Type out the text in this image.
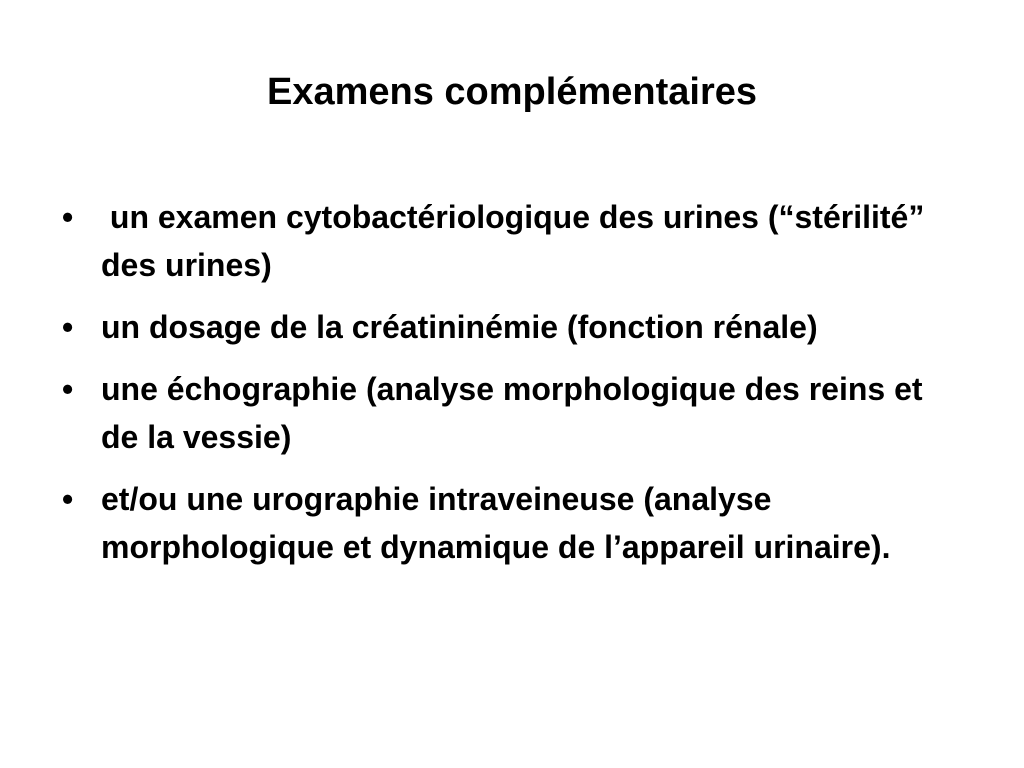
Examens complémentaires
• un examen cytobactériologique des urines (“stérilité” des urines)
• un dosage de la créatininémie (fonction rénale)
• une échographie (analyse morphologique des reins et de la vessie)
• et/ou une urographie intraveineuse (analyse morphologique et dynamique de l’appareil urinaire).
